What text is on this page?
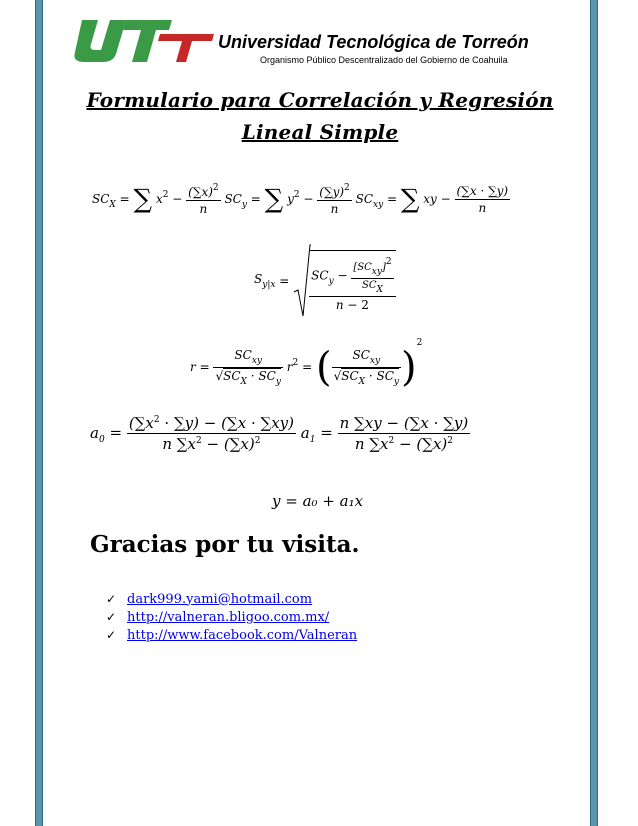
Universidad Tecnológica de Torreón
Organismo Público Descentralizado del Gobierno de Coahuila
Formulario para Correlación y Regresión
Lineal Simple
$SC_X$ = ∑ $x^2 - \frac{(\sum x)^2}{n} SC_y$ = ∑ $y^2 - \frac{(\sum y)^2}{n} SC_{xy}$ = ∑ xy − $\frac{(\sum x \cdot \sum y)}{n}$
$S_{y|x} = \frac{SC_y - \frac{\text{[SCxy]2}}{\text{SCX}}}{n - 2}$
$r = \frac{SC_{xy}}{√SC_X \cdot SC_y} r^2$ = ( $\frac{SC_{xy}}{√SC_X \cdot SC_y} )^2$
$a_0 = \frac{(\sum x^2 \cdot \sum y) - (\sum x \cdot \sum xy)}{n \sum x^2 - (\sum x)^2} a_1 = \frac{n \sum xy - (\sum x \cdot \sum y)}{n \sum x^2 - (\sum x)^2}$
y = a₀ + a₁x
Gracias por tu visita.
✓ dark999.yami@hotmail.com
✓ http://valneran.bligoo.com.mx/
✓ http://www.facebook.com/Valneran
